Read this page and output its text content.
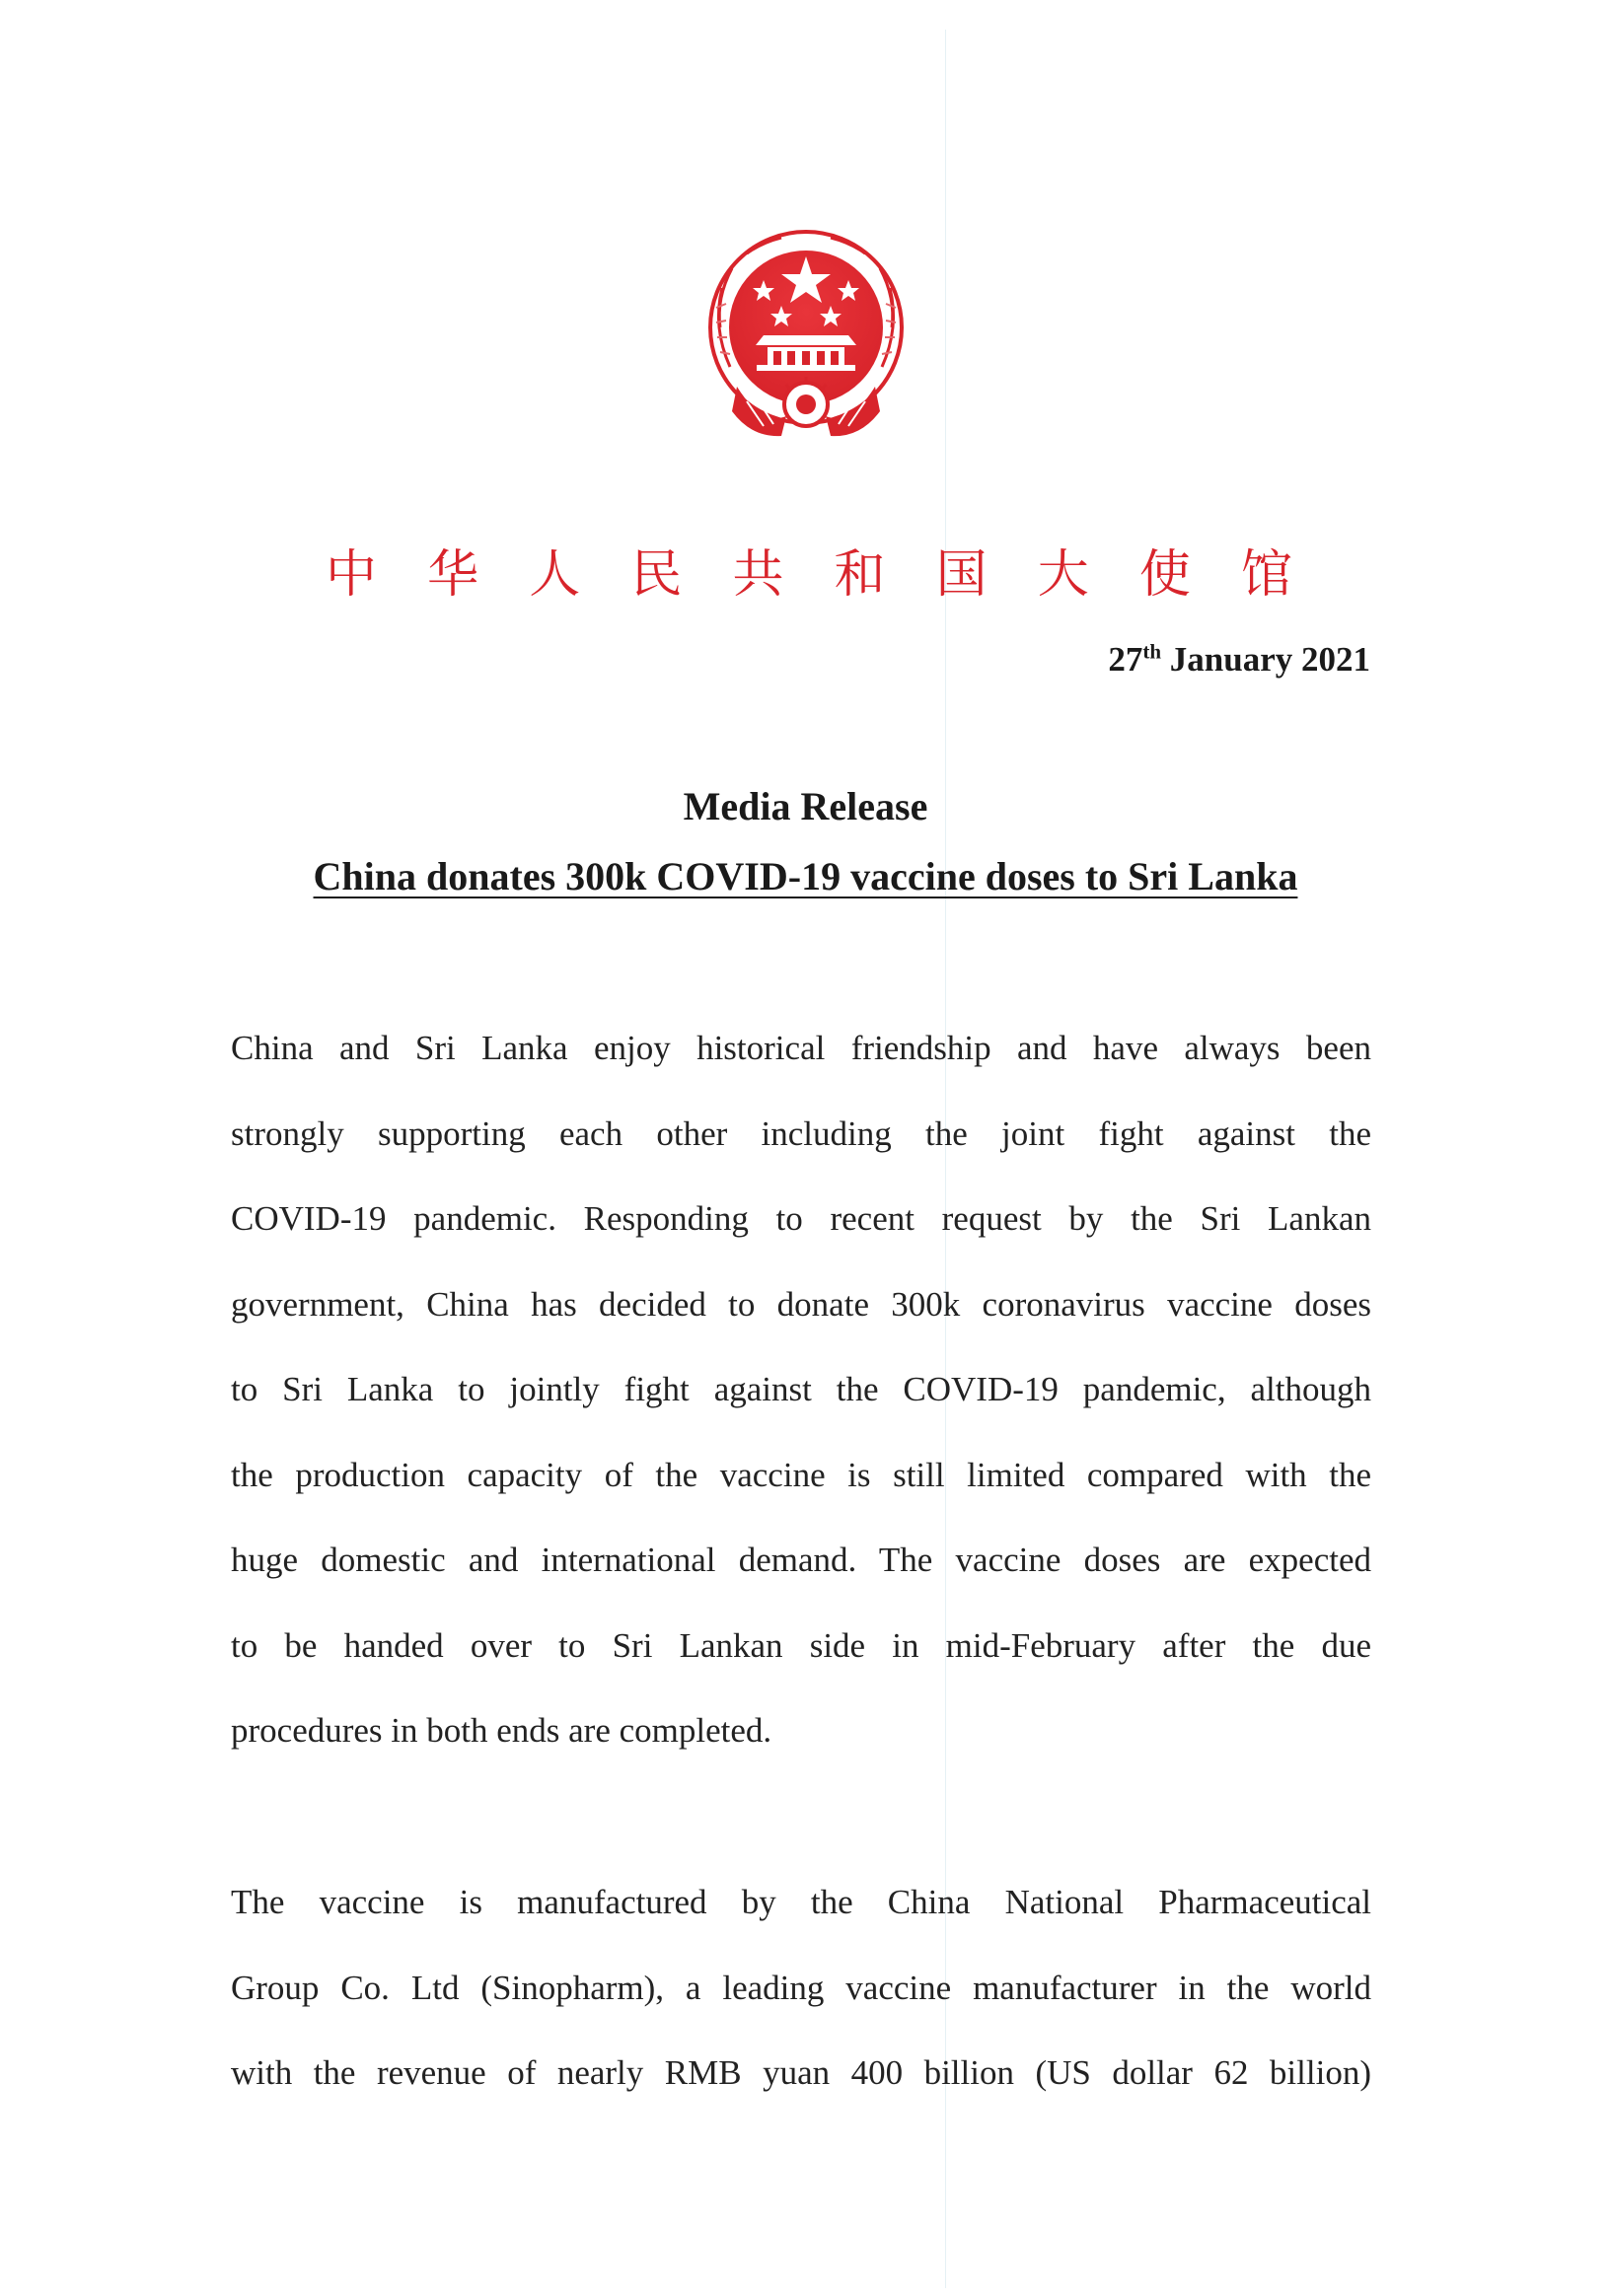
中 华 人 民 共 和 国 大 使 馆
27th January 2021
Media Release
China donates 300k COVID-19 vaccine doses to Sri Lanka
China and Sri Lanka enjoy historical friendship and have always been
strongly supporting each other including the joint fight against the
COVID-19 pandemic. Responding to recent request by the Sri Lankan
government, China has decided to donate 300k coronavirus vaccine doses
to Sri Lanka to jointly fight against the COVID-19 pandemic, although
the production capacity of the vaccine is still limited compared with the
huge domestic and international demand. The vaccine doses are expected
to be handed over to Sri Lankan side in mid-February after the due
procedures in both ends are completed.
The vaccine is manufactured by the China National Pharmaceutical
Group Co. Ltd (Sinopharm), a leading vaccine manufacturer in the world
with the revenue of nearly RMB yuan 400 billion (US dollar 62 billion)
